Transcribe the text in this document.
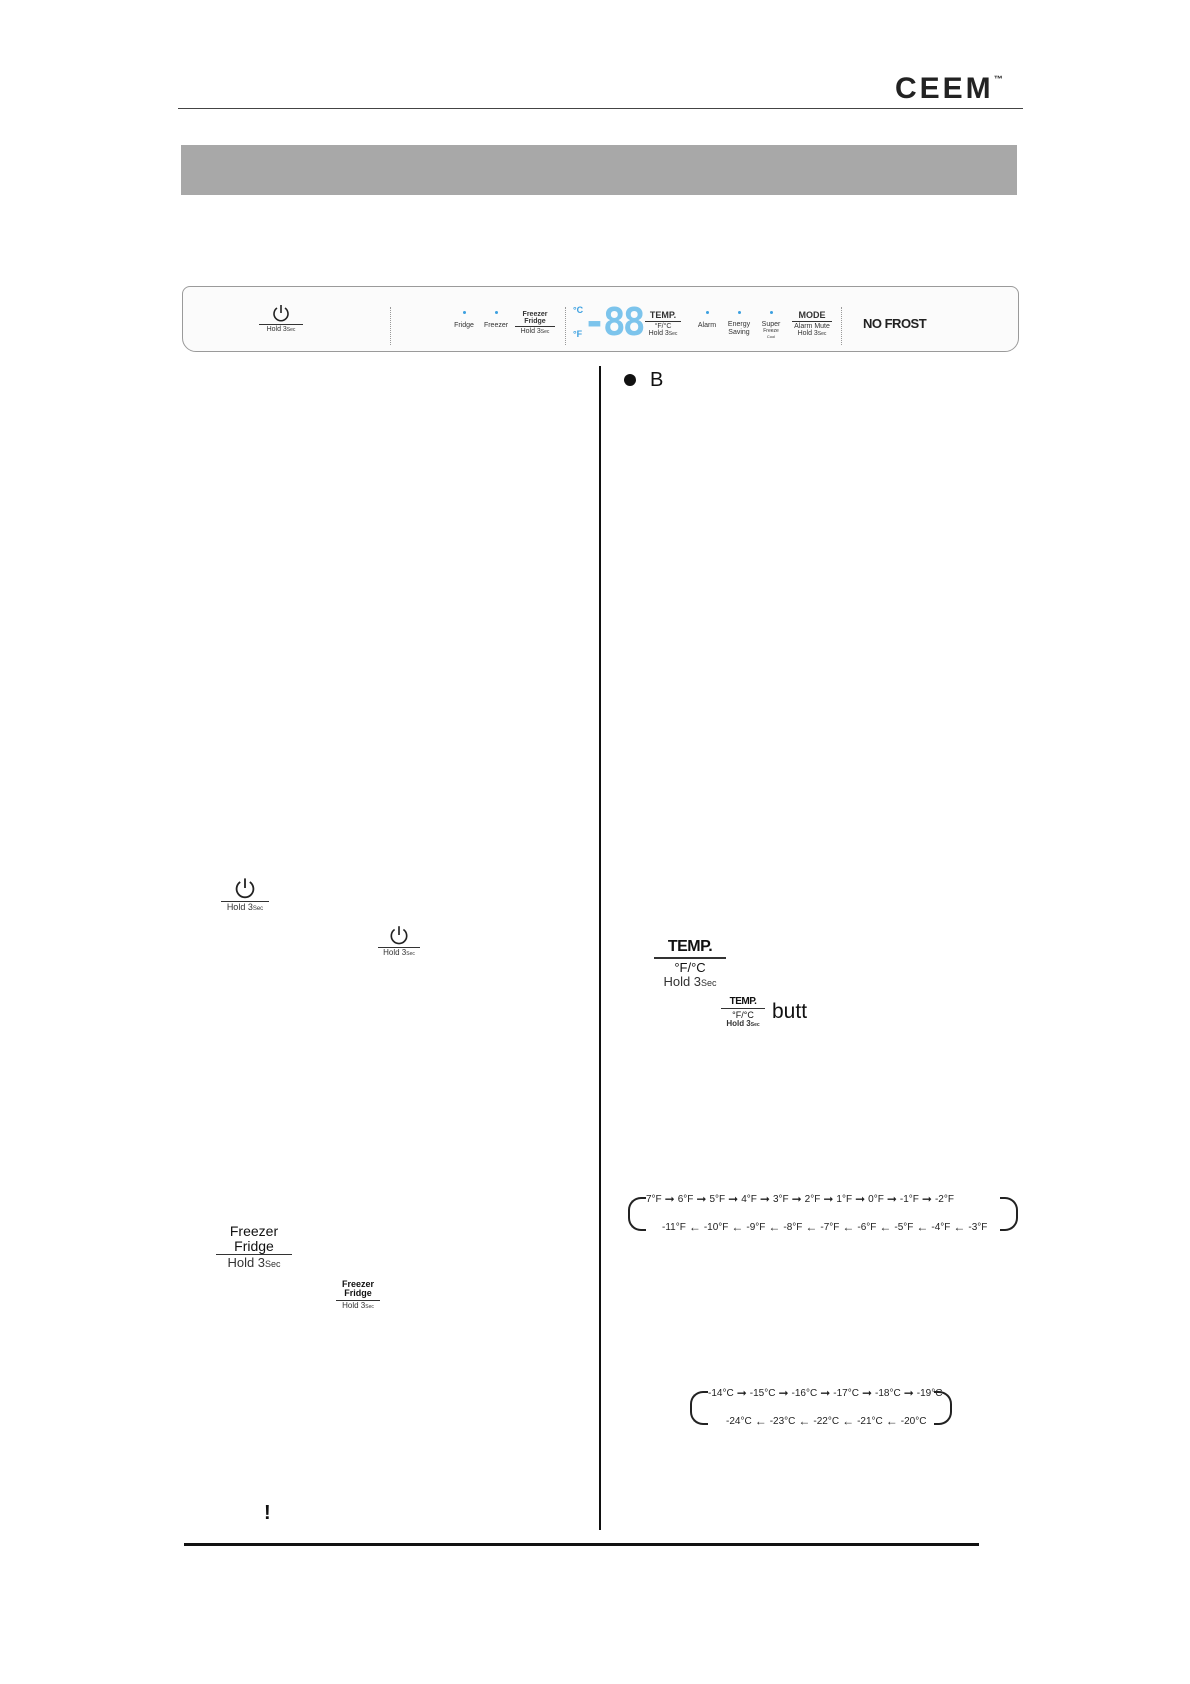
CEEM™
Hold 3Sec
Fridge	Freezer
Freezer
Fridge
Hold 3Sec
°C
°F -88 TEMP.
°F/°C
Hold 3Sec
Alarm	Energy
Saving
Super
Freeze
Cool
MODE
Alarm Mute
Hold 3Sec
NO FROST
Hold 3Sec
Hold 3Sec
Freezer
Fridge
Hold 3Sec
Freezer
Fridge
Hold 3Sec
!
B
TEMP.
°F/°C
Hold 3Sec
TEMP.
°F/°C
Hold 3Sec
butt
7°F ➞ 6°F ➞ 5°F ➞ 4°F ➞ 3°F ➞ 2°F ➞ 1°F ➞ 0°F ➞ -1°F ➞ -2°F
-11°F ← -10°F ← -9°F ← -8°F ← -7°F ← -6°F ← -5°F ← -4°F ← -3°F
-14°C ➞ -15°C ➞ -16°C ➞ -17°C ➞ -18°C ➞ -19°C
-24°C ← -23°C ← -22°C ← -21°C ← -20°C
